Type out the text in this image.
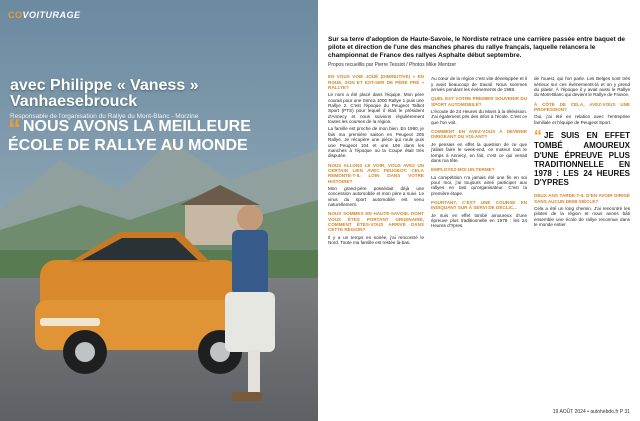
COVOITURAGE
avec Philippe « Vaness »
Vanhaesebrouck
Responsable de l'organisation du Rallye du Mont-Blanc - Morzine
“ NOUS AVONS LA MEILLEURE ÉCOLE DE RALLYE AU MONDE
Sur sa terre d'adoption de Haute-Savoie, le Nordiste retrace une carrière passée entre baquet de pilote et direction de l'une des manches phares du rallye français, laquelle relancera le championnat de France des rallyes Asphalte début septembre.
Propos recueillis par Pierre Tessiot / Photos Mike Mentzer
EN VOUS VOIE JOUÉ (DIMINUTIVE) « EN ROUE, SON ET EST-SER DE PÈRE PRÉ » RALLYE?
Le nom a été placé dans l'équipe. Mon père courait pour une Simca 1000 Rallye 1 puis une Rallye 2. C'est l'époque du Peugeot Talbot Sport (PTS) pour lequel il était le président d'Annecy et nous suivions régulièrement toutes les courses de la région.
La famille est proche de mon bien. En 1990, je fais ma première saison en Peugeot 205 Rallye. Je récupère une pièce qui roule puis une Peugeot 104 et une 106 dans les manches à l'époque où la Coupe était très disputée.
NOUS ALLONS LE VOIR, VOUS AVEZ UN CERTAIN LIEN AVEC PEUGEOT. CELA REMONTE-T-IL LOIN DANS VOTRE HISTOIRE?
Mon grand-père possédait déjà une concession automobile et mon père a suivi. Le virus du sport automobile est venu naturellement.
NOUS SOMMES EN HAUTE-SAVOIE. DONT VOUS ÊTES PORTANT ORIGINAIRE, COMMENT ÊTES-VOUS ARRIVÉ DANS CETTE RÉGION?
Il y a un temps en soirée, j'ai rencontré le Nord. Toute ma famille est restée là-bas.
Au cœur de la région c'est vite développée et il y avait beaucoup de travail. Nous sommes arrivés pendant les événements de 1988.
QUEL EST VOTRE PREMIER SOUVENIR DU SPORT AUTOMOBILE?
L'écoute de 24 Heures du Mans à la télévision. J'ai également pris des infos à l'école. C'est ce que l'on voit.
COMMENT EN AVEZ-VOUS À DEVENIR DIRIGEANT DU VOLANT?
Je pensais en effet la question de ce que j'allais faire le week-end, ce moteur tout le temps à Annecy, en fait, c'est ce qui venait dans ma tête.
EMPLOYEZ-MOI UN TERME?
La compétition n'a jamais été une fin en soi pour moi, j'ai toujours aimé participer aux rallyes en tant qu'organisateur. C'est la première étape.
POURTANT, C'EST UNE COURSE EN INDIQUANT SUR À SERVI DE DÉCLIC...
Je suis en effet tombé amoureux d'une épreuve plus traditionnelle en 1978 : les 24 Heures d'Ypres.
de l'ouest, qui l'on parle. Les Belges sont très sérieux sur ces événements-là et on y prend du plaisir. À l'époque il y avait aussi le Rallye du Mont-Blanc qui devient le Rallye de France.
À CÔTÉ DE CELA, AVEZ-VOUS UNE PROFESSION?
Oui, j'ai été en relation avec l'entreprise familiale et l'équipe de Peugeot Sport.
“ JE SUIS EN EFFET TOMBÉ AMOUREUX D'UNE ÉPREUVE PLUS TRADITIONNELLE EN 1978 : LES 24 HEURES D'YPRES
DEUX ANS TARDE-T-IL D'EN AVOIR DIRIGÉ SANS AUCUN DEMI-SIÈCLE?
Cela a été un long chemin. J'ai rencontré les pilotes de la région et nous avons bâti ensemble une école de rallye reconnue dans le monde entier.
19 AOÛT 2024 • autohebdo.fr P 31
